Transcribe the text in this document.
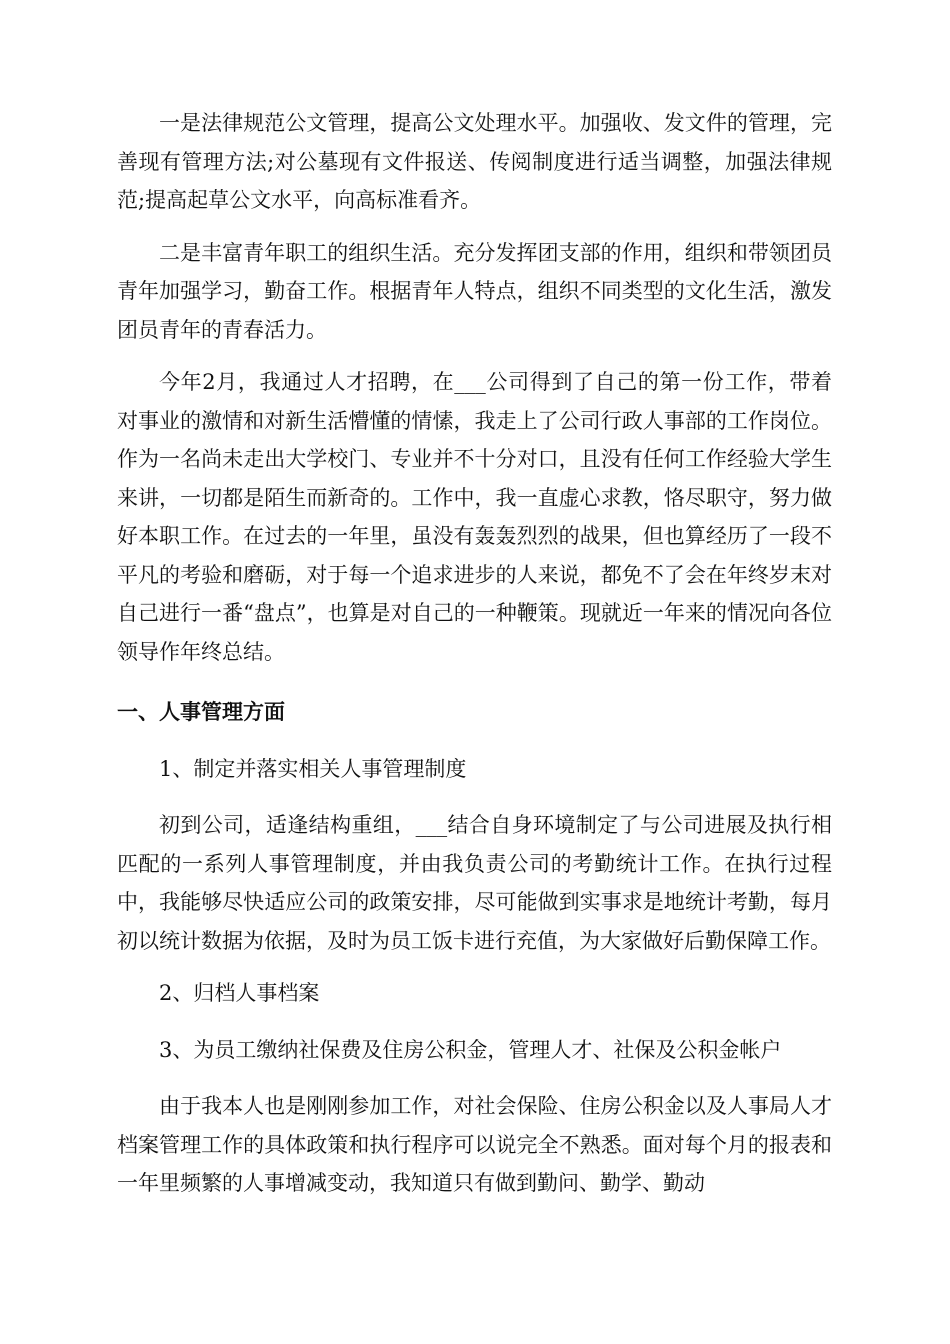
一是法律规范公文管理，提高公文处理水平。加强收、发文件的管理，完善现有管理方法;对公墓现有文件报送、传阅制度进行适当调整，加强法律规范;提高起草公文水平，向高标准看齐。

二是丰富青年职工的组织生活。充分发挥团支部的作用，组织和带领团员青年加强学习，勤奋工作。根据青年人特点，组织不同类型的文化生活，激发团员青年的青春活力。

今年2月，我通过人才招聘，在___公司得到了自己的第一份工作，带着对事业的激情和对新生活懵懂的情愫，我走上了公司行政人事部的工作岗位。作为一名尚未走出大学校门、专业并不十分对口，且没有任何工作经验大学生来讲，一切都是陌生而新奇的。工作中，我一直虚心求教，恪尽职守，努力做好本职工作。在过去的一年里，虽没有轰轰烈烈的战果，但也算经历了一段不平凡的考验和磨砺，对于每一个追求进步的人来说，都免不了会在年终岁末对自己进行一番“盘点”，也算是对自己的一种鞭策。现就近一年来的情况向各位领导作年终总结。

一、人事管理方面

1、制定并落实相关人事管理制度

初到公司，适逢结构重组，___结合自身环境制定了与公司进展及执行相匹配的一系列人事管理制度，并由我负责公司的考勤统计工作。在执行过程中，我能够尽快适应公司的政策安排，尽可能做到实事求是地统计考勤，每月初以统计数据为依据，及时为员工饭卡进行充值，为大家做好后勤保障工作。

2、归档人事档案

3、为员工缴纳社保费及住房公积金，管理人才、社保及公积金帐户

由于我本人也是刚刚参加工作，对社会保险、住房公积金以及人事局人才档案管理工作的具体政策和执行程序可以说完全不熟悉。面对每个月的报表和一年里频繁的人事增减变动，我知道只有做到勤问、勤学、勤动
